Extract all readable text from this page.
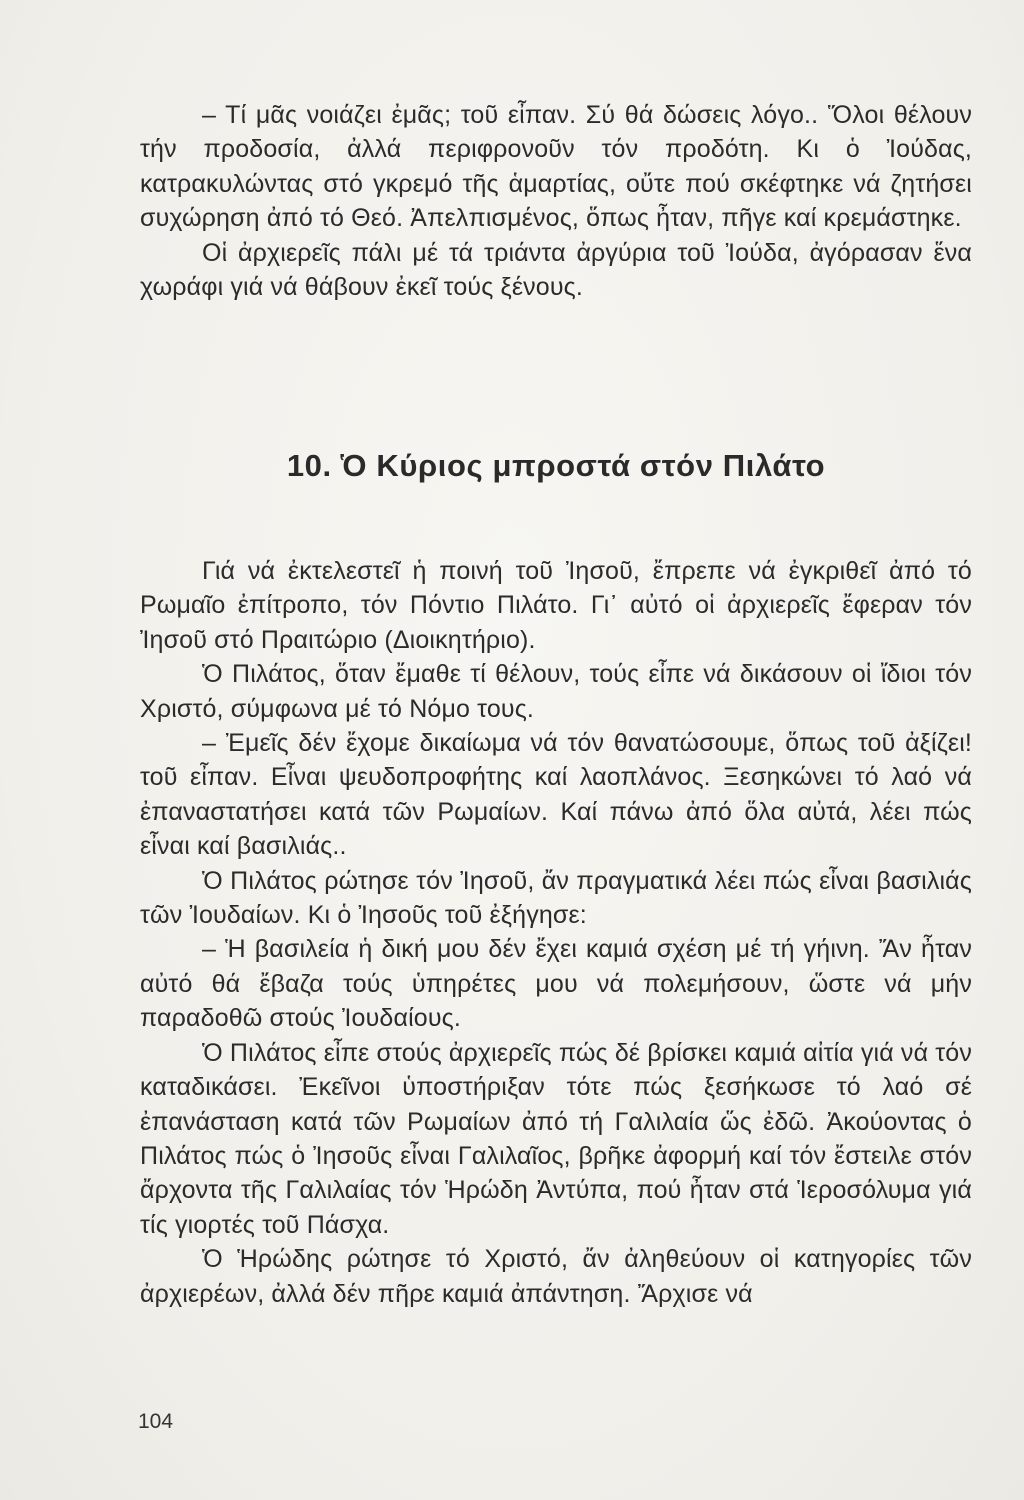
– Τί μᾶς νοιάζει ἐμᾶς; τοῦ εἶπαν. Σύ θά δώσεις λόγο.. Ὅλοι θέλουν τήν προδοσία, ἀλλά περιφρονοῦν τόν προδότη. Κι ὁ Ἰούδας, κατρακυλώντας στό γκρεμό τῆς ἁμαρτίας, οὔτε πού σκέφτηκε νά ζητήσει συχώρηση ἀπό τό Θεό. Ἀπελπισμένος, ὅπως ἦταν, πῆγε καί κρεμάστηκε.

Οἱ ἀρχιερεῖς πάλι μέ τά τριάντα ἀργύρια τοῦ Ἰούδα, ἀγόρασαν ἕνα χωράφι γιά νά θάβουν ἐκεῖ τούς ξένους.

10. Ὁ Κύριος μπροστά στόν Πιλάτο

Γιά νά ἐκτελεστεῖ ἡ ποινή τοῦ Ἰησοῦ, ἔπρεπε νά ἐγκριθεῖ ἀπό τό Ρωμαῖο ἐπίτροπο, τόν Πόντιο Πιλάτο. Γι᾿ αὐτό οἱ ἀρχιερεῖς ἔφεραν τόν Ἰησοῦ στό Πραιτώριο (Διοικητήριο).

Ὁ Πιλάτος, ὅταν ἔμαθε τί θέλουν, τούς εἶπε νά δικάσουν οἱ ἴδιοι τόν Χριστό, σύμφωνα μέ τό Νόμο τους.

– Ἐμεῖς δέν ἔχομε δικαίωμα νά τόν θανατώσουμε, ὅπως τοῦ ἀξίζει! τοῦ εἶπαν. Εἶναι ψευδοπροφήτης καί λαοπλάνος. Ξεσηκώνει τό λαό νά ἐπαναστατήσει κατά τῶν Ρωμαίων. Καί πάνω ἀπό ὅλα αὐτά, λέει πώς εἶναι καί βασιλιάς..

Ὁ Πιλάτος ρώτησε τόν Ἰησοῦ, ἄν πραγματικά λέει πώς εἶναι βασιλιάς τῶν Ἰουδαίων. Κι ὁ Ἰησοῦς τοῦ ἐξήγησε:

– Ἡ βασιλεία ἡ δική μου δέν ἔχει καμιά σχέση μέ τή γήινη. Ἄν ἦταν αὐτό θά ἔβαζα τούς ὑπηρέτες μου νά πολεμήσουν, ὥστε νά μήν παραδοθῶ στούς Ἰουδαίους.

Ὁ Πιλάτος εἶπε στούς ἀρχιερεῖς πώς δέ βρίσκει καμιά αἰτία γιά νά τόν καταδικάσει. Ἐκεῖνοι ὑποστήριξαν τότε πώς ξεσήκωσε τό λαό σέ ἐπανάσταση κατά τῶν Ρωμαίων ἀπό τή Γαλιλαία ὥς ἐδῶ. Ἀκούοντας ὁ Πιλάτος πώς ὁ Ἰησοῦς εἶναι Γαλιλαῖος, βρῆκε ἀφορμή καί τόν ἔστειλε στόν ἄρχοντα τῆς Γαλιλαίας τόν Ἡρώδη Ἀντύπα, πού ἦταν στά Ἱεροσόλυμα γιά τίς γιορτές τοῦ Πάσχα.

Ὁ Ἡρώδης ρώτησε τό Χριστό, ἄν ἀληθεύουν οἱ κατηγορίες τῶν ἀρχιερέων, ἀλλά δέν πῆρε καμιά ἀπάντηση. Ἄρχισε νά

104
